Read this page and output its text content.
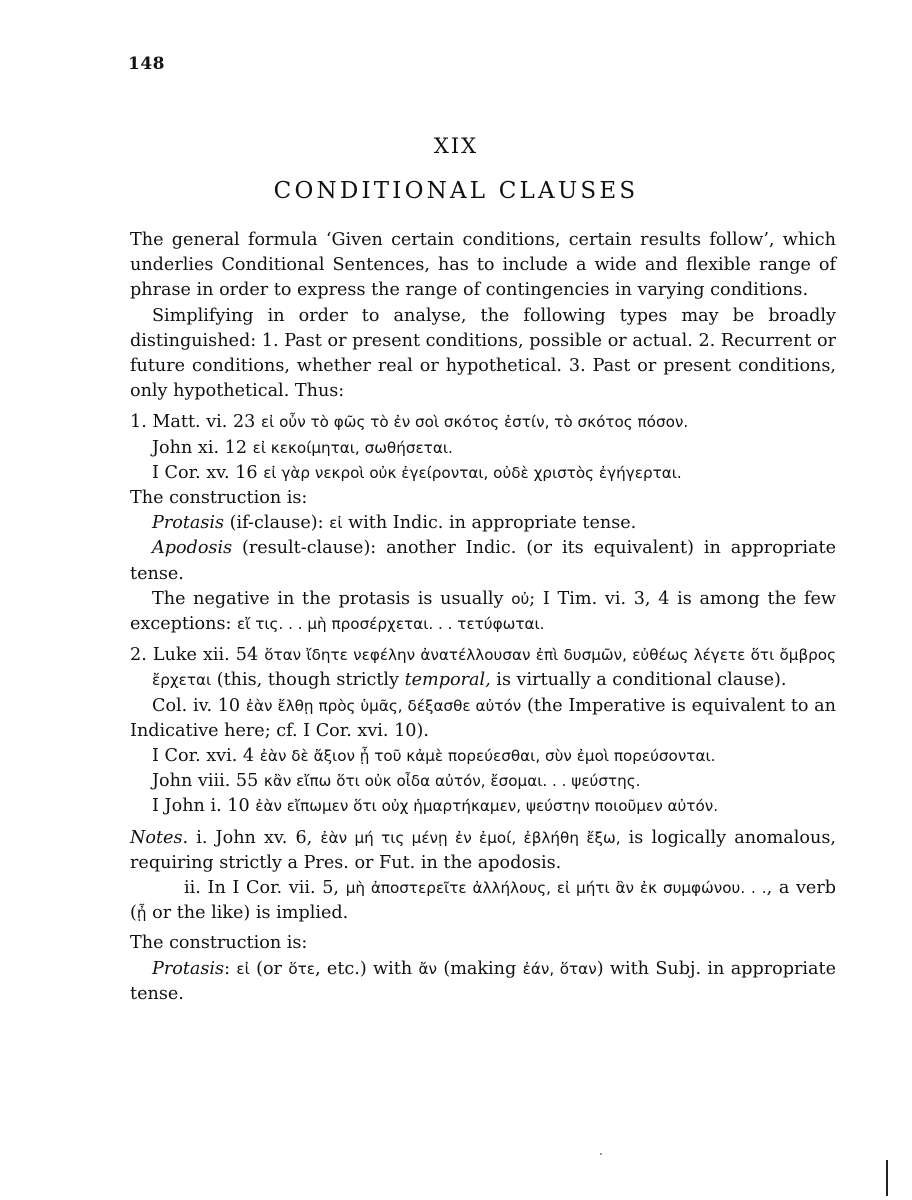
148
XIX
CONDITIONAL CLAUSES

The general formula ‘Given certain conditions, certain results follow’, which underlies Conditional Sentences, has to include a wide and flexible range of phrase in order to express the range of contingencies in varying conditions.

Simplifying in order to analyse, the following types may be broadly distinguished: 1. Past or present conditions, possible or actual. 2. Recurrent or future conditions, whether real or hypothetical. 3. Past or present conditions, only hypothetical. Thus:

1. Matt. vi. 23 εἰ οὖν τὸ φῶς τὸ ἐν σοὶ σκότος ἐστίν, τὸ σκότος πόσον.

John xi. 12 εἰ κεκοίμηται, σωθήσεται.

I Cor. xv. 16 εἰ γὰρ νεκροὶ οὐκ ἐγείρονται, οὐδὲ χριστὸς ἐγήγερται.

The construction is:

Protasis (if-clause): εἰ with Indic. in appropriate tense.

Apodosis (result-clause): another Indic. (or its equivalent) in appropriate tense.

The negative in the protasis is usually οὐ; I Tim. vi. 3, 4 is among the few exceptions: εἴ τις. . . μὴ προσέρχεται. . . τετύφωται.

2. Luke xii. 54 ὅταν ἴδητε νεφέλην ἀνατέλλουσαν ἐπὶ δυσμῶν, εὐθέως λέγετε ὅτι ὄμβρος ἔρχεται (this, though strictly temporal, is virtually a conditional clause).

Col. iv. 10 ἐὰν ἔλθῃ πρὸς ὑμᾶς, δέξασθε αὐτόν (the Imperative is equivalent to an Indicative here; cf. I Cor. xvi. 10).

I Cor. xvi. 4 ἐὰν δὲ ἄξιον ᾖ τοῦ κἀμὲ πορεύεσθαι, σὺν ἐμοὶ πορεύσονται.

John viii. 55 κἂν εἴπω ὅτι οὐκ οἶδα αὐτόν, ἔσομαι. . . ψεύστης.

I John i. 10 ἐὰν εἴπωμεν ὅτι οὐχ ἡμαρτήκαμεν, ψεύστην ποιοῦμεν αὐτόν.

Notes. i. John xv. 6, ἐὰν μή τις μένῃ ἐν ἐμοί, ἐβλήθη ἔξω, is logically anomalous, requiring strictly a Pres. or Fut. in the apodosis.

ii. In I Cor. vii. 5, μὴ ἀποστερεῖτε ἀλλήλους, εἰ μήτι ἂν ἐκ συμφώνου. . ., a verb (ᾖ or the like) is implied.

The construction is:

Protasis: εἰ (or ὅτε, etc.) with ἄν (making ἐάν, ὅταν) with Subj. in appropriate tense.
